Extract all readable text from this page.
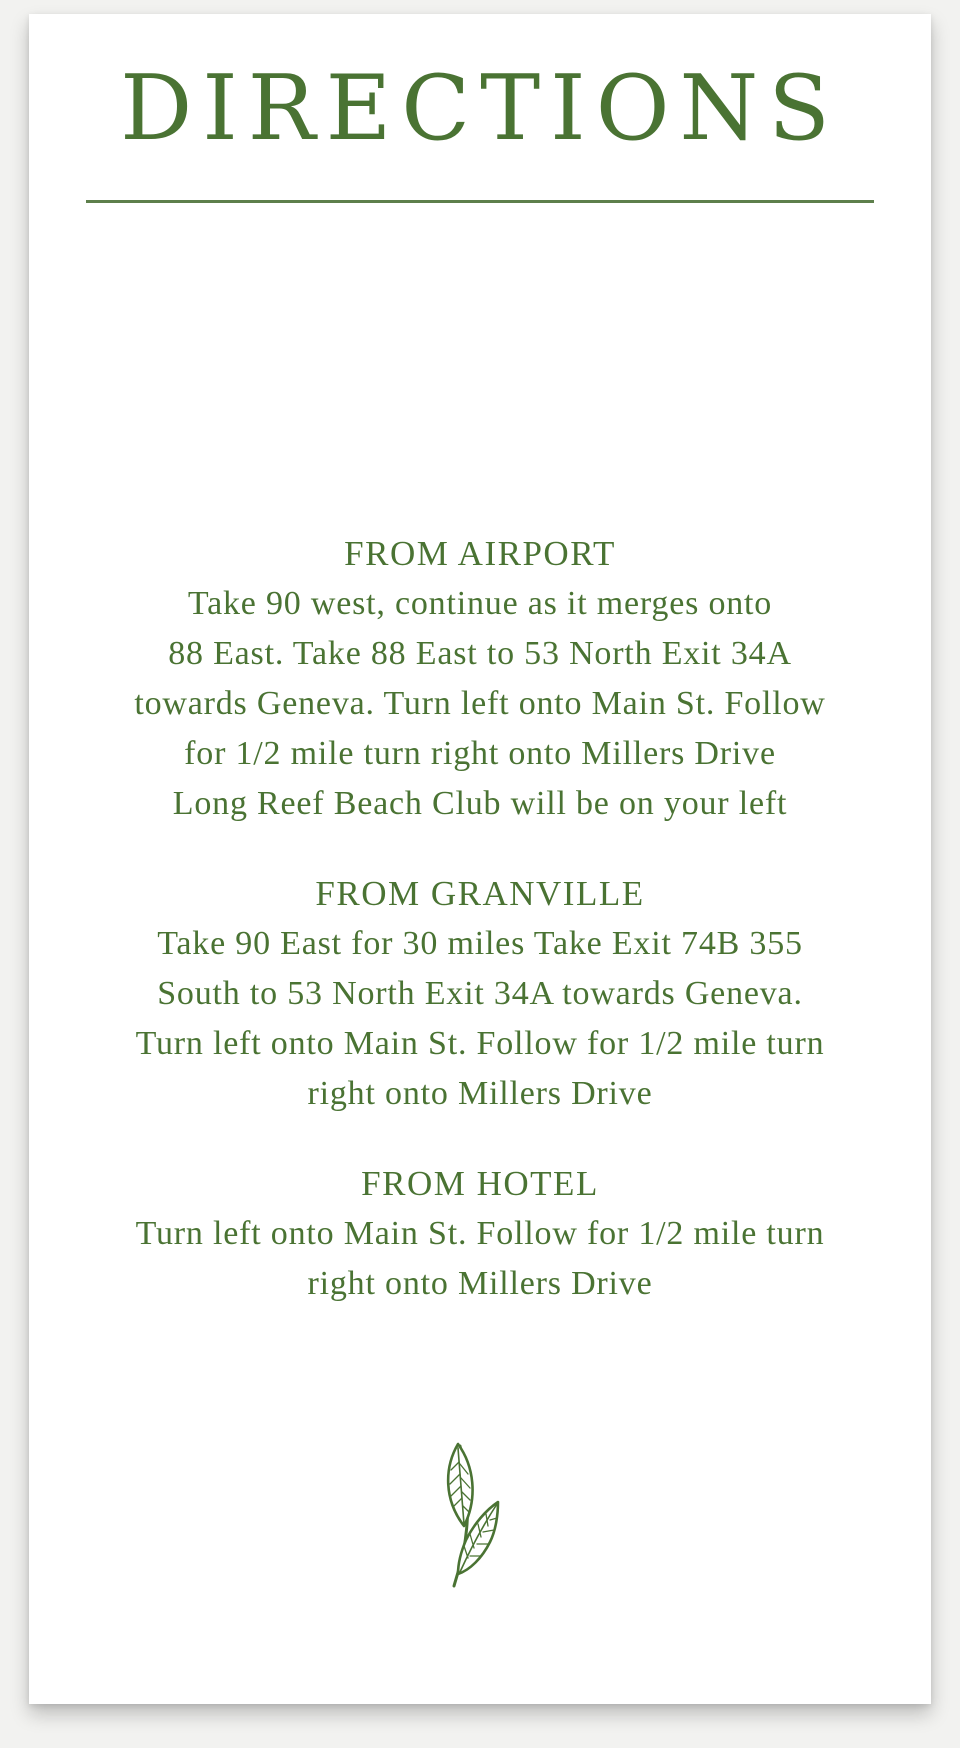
DIRECTIONS

FROM AIRPORT

Take 90 west, continue as it merges onto

88 East. Take 88 East to 53 North Exit 34A

towards Geneva. Turn left onto Main St. Follow

for 1/2 mile turn right onto Millers Drive

Long Reef Beach Club will be on your left

FROM GRANVILLE

Take 90 East for 30 miles Take Exit 74B 355

South to 53 North Exit 34A towards Geneva.

Turn left onto Main St. Follow for 1/2 mile turn

right onto Millers Drive

FROM HOTEL

Turn left onto Main St. Follow for 1/2 mile turn

right onto Millers Drive
